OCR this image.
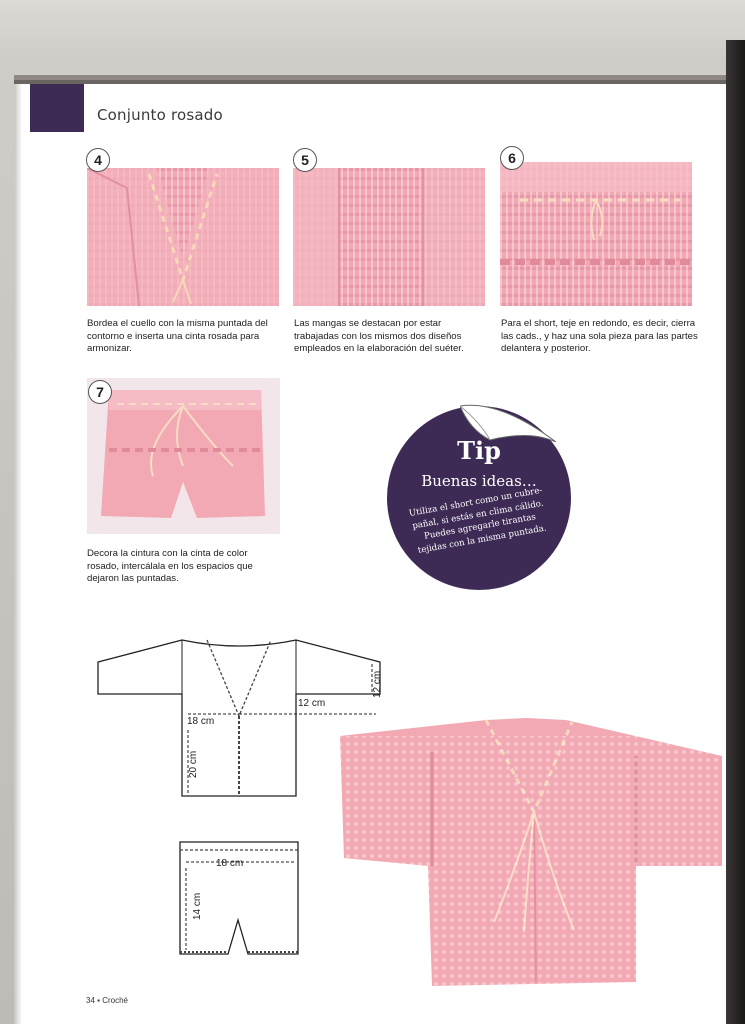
Conjunto rosado
4
Bordea el cuello con la misma puntada del contorno e inserta una cinta rosada para armonizar.
5
Las mangas se destacan por estar trabajadas con los mismos dos diseños empleados en la elaboración del suéter.
6
Para el short, teje en redondo, es decir, cierra las cads., y haz una sola pieza para las partes delantera y posterior.
7
Decora la cintura con la cinta de color rosado, intercálala en los espacios que dejaron las puntadas.
Tip
Buenas ideas…
Utiliza el short como un cubre-pañal, si estás en clima cálido. Puedes agregarle tirantas tejidas con la misma puntada.
12 cm
12 cm
18 cm
20 cm
18 cm
14 cm
34 ▪ Croché
